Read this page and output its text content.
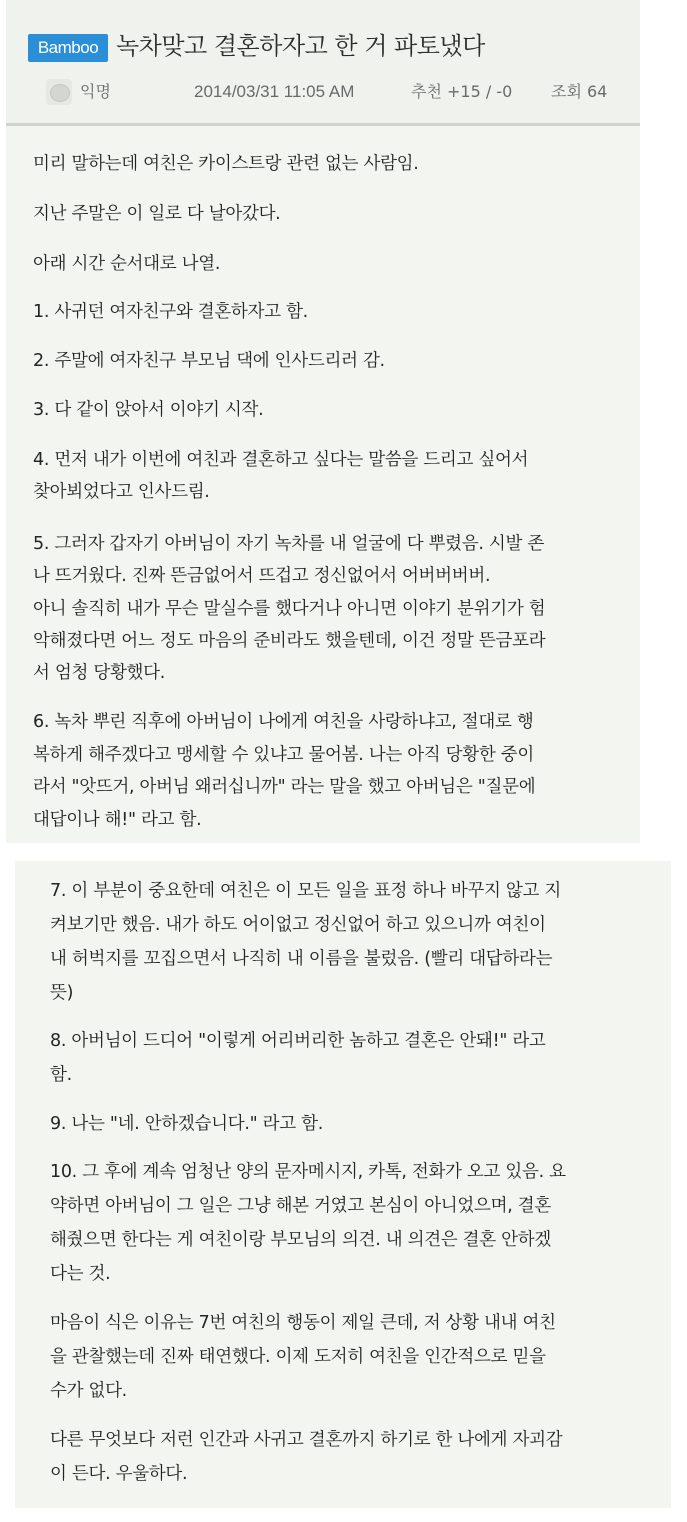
Bamboo 녹차맞고 결혼하자고 한 거 파토냈다
익명	2014/03/31 11:05 AM	추천 +15 / -0 조회 64
미리 말하는데 여친은 카이스트랑 관련 없는 사람임.
지난 주말은 이 일로 다 날아갔다.
아래 시간 순서대로 나열.
1. 사귀던 여자친구와 결혼하자고 함.
2. 주말에 여자친구 부모님 댁에 인사드리러 감.
3. 다 같이 앉아서 이야기 시작.
4. 먼저 내가 이번에 여친과 결혼하고 싶다는 말씀을 드리고 싶어서
찾아뵈었다고 인사드림.
5. 그러자 갑자기 아버님이 자기 녹차를 내 얼굴에 다 뿌렸음. 시발 존
나 뜨거웠다. 진짜 뜬금없어서 뜨겁고 정신없어서 어버버버버.
아니 솔직히 내가 무슨 말실수를 했다거나 아니면 이야기 분위기가 험
악해졌다면 어느 정도 마음의 준비라도 했을텐데, 이건 정말 뜬금포라
서 엄청 당황했다.
6. 녹차 뿌린 직후에 아버님이 나에게 여친을 사랑하냐고, 절대로 행
복하게 해주겠다고 맹세할 수 있냐고 물어봄. 나는 아직 당황한 중이
라서 "앗뜨거, 아버님 왜러십니까" 라는 말을 했고 아버님은 "질문에
대답이나 해!" 라고 함.
7. 이 부분이 중요한데 여친은 이 모든 일을 표정 하나 바꾸지 않고 지
켜보기만 했음. 내가 하도 어이없고 정신없어 하고 있으니까 여친이
내 허벅지를 꼬집으면서 나직히 내 이름을 불렀음. (빨리 대답하라는
뜻)
8. 아버님이 드디어 "이렇게 어리버리한 놈하고 결혼은 안돼!" 라고
함.
9. 나는 "네. 안하겠습니다." 라고 함.
10. 그 후에 계속 엄청난 양의 문자메시지, 카톡, 전화가 오고 있음. 요
약하면 아버님이 그 일은 그냥 해본 거였고 본심이 아니었으며, 결혼
해줬으면 한다는 게 여친이랑 부모님의 의견. 내 의견은 결혼 안하겠
다는 것.
마음이 식은 이유는 7번 여친의 행동이 제일 큰데, 저 상황 내내 여친
을 관찰했는데 진짜 태연했다. 이제 도저히 여친을 인간적으로 믿을
수가 없다.
다른 무엇보다 저런 인간과 사귀고 결혼까지 하기로 한 나에게 자괴감
이 든다. 우울하다.
